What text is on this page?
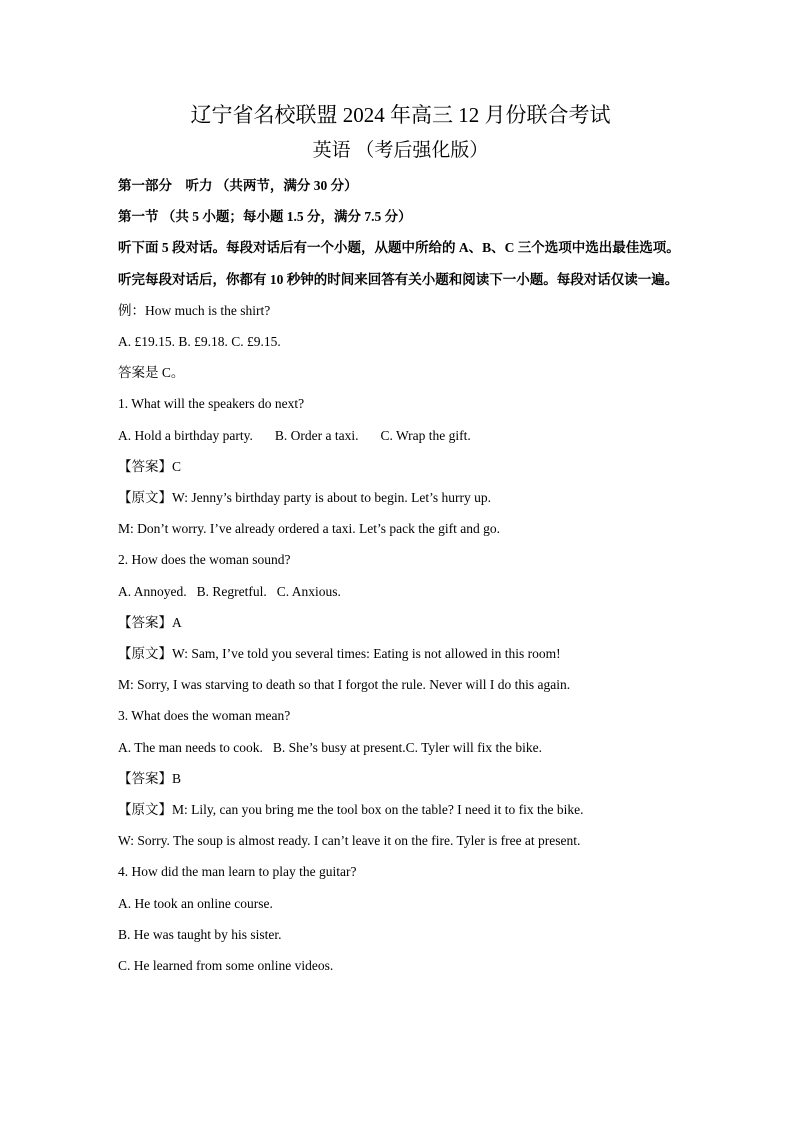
辽宁省名校联盟 2024 年高三 12 月份联合考试
英语 （考后强化版）

第一部分　听力 （共两节，满分 30 分）

第一节 （共 5 小题；每小题 1.5 分，满分 7.5 分）

听下面 5 段对话。每段对话后有一个小题，从题中所给的 A、B、C 三个选项中选出最佳选项。听完每段对话后，你都有 10 秒钟的时间来回答有关小题和阅读下一小题。每段对话仅读一遍。

例：How much is the shirt?

A. £19.15. B. £9.18. C. £9.15.

答案是 C。

1. What will the speakers do next?

A. Hold a birthday party. B. Order a taxi. C. Wrap the gift.

【答案】C

【原文】W: Jenny’s birthday party is about to begin. Let’s hurry up.

M: Don’t worry. I’ve already ordered a taxi. Let’s pack the gift and go.

2. How does the woman sound?

A. Annoyed. B. Regretful. C. Anxious.

【答案】A

【原文】W: Sam, I’ve told you several times: Eating is not allowed in this room!

M: Sorry, I was starving to death so that I forgot the rule. Never will I do this again.

3. What does the woman mean?

A. The man needs to cook. B. She’s busy at present.C. Tyler will fix the bike.

【答案】B

【原文】M: Lily, can you bring me the tool box on the table? I need it to fix the bike.

W: Sorry. The soup is almost ready. I can’t leave it on the fire. Tyler is free at present.

4. How did the man learn to play the guitar?

A. He took an online course.

B. He was taught by his sister.

C. He learned from some online videos.
